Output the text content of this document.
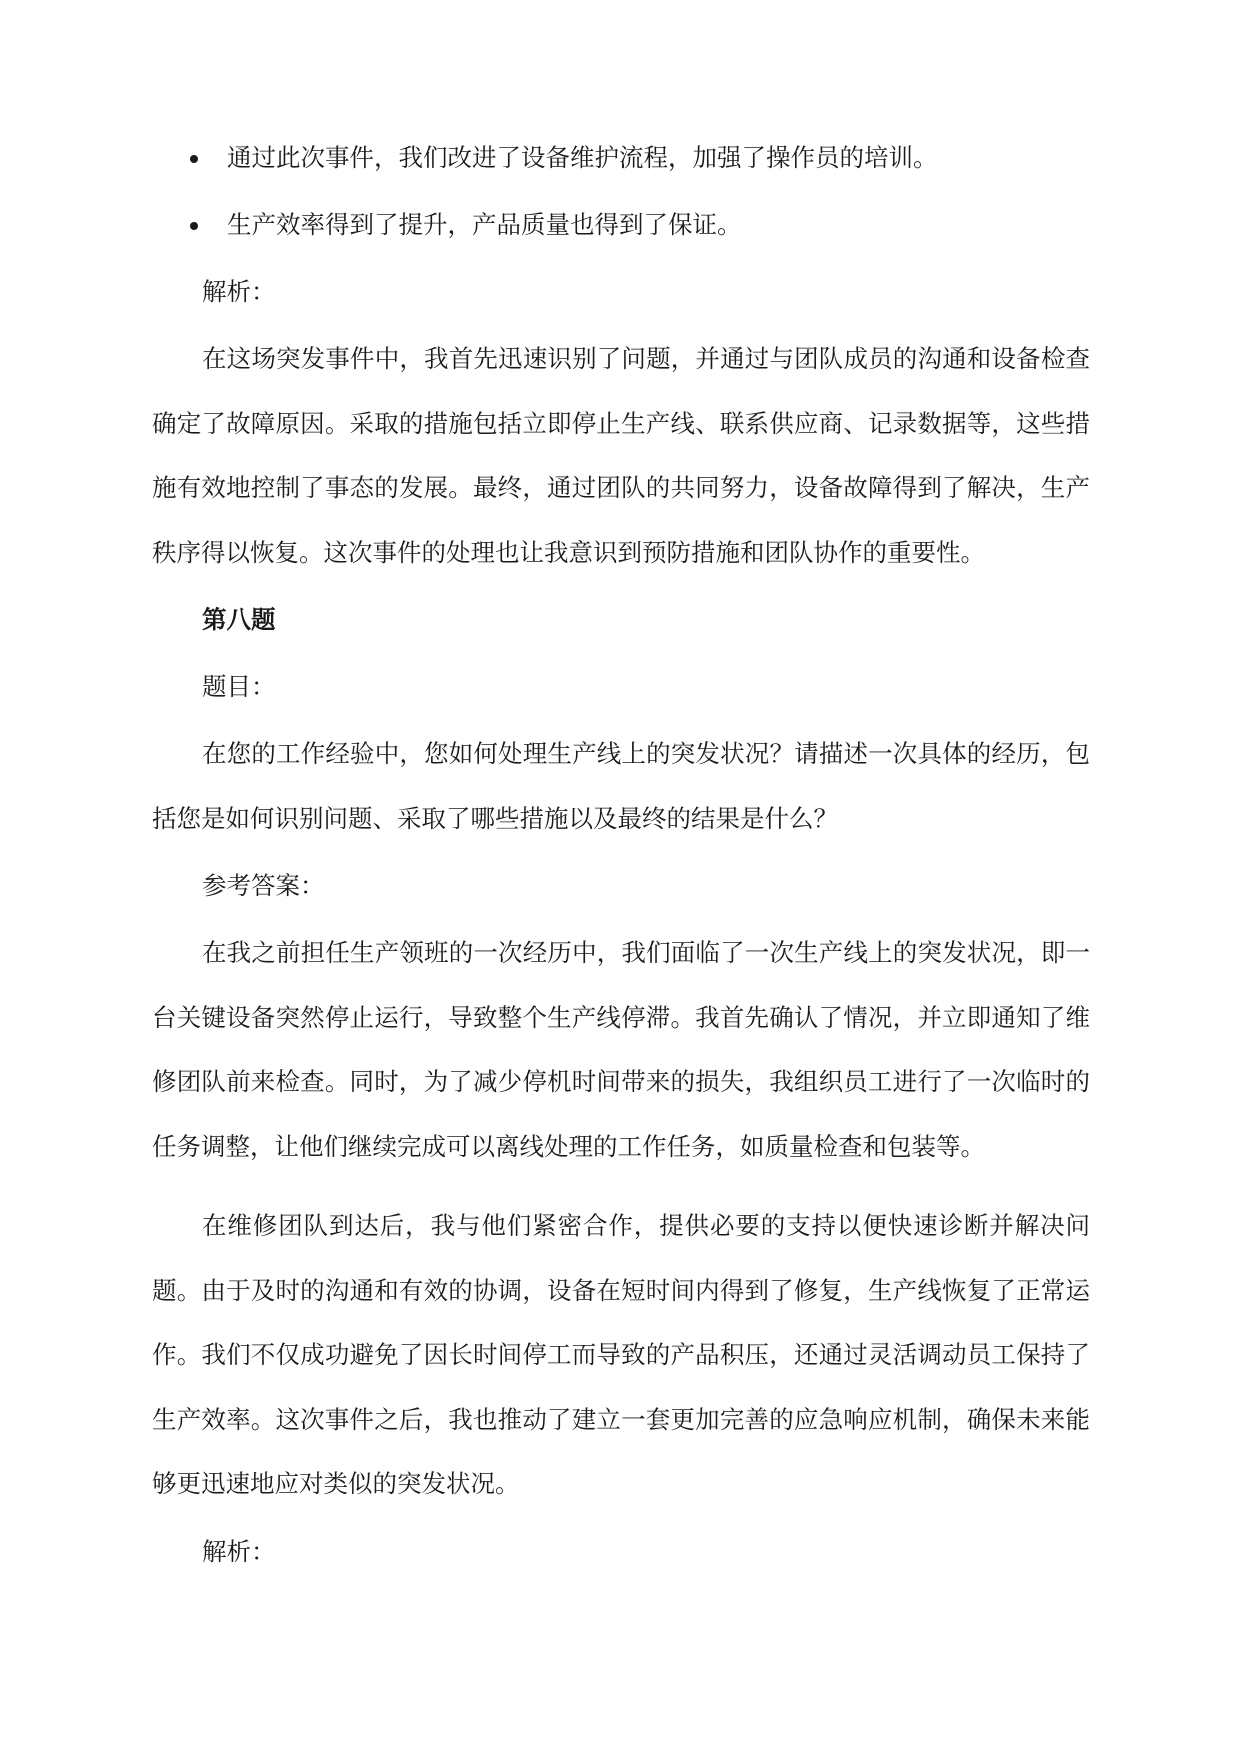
通过此次事件，我们改进了设备维护流程，加强了操作员的培训。
生产效率得到了提升，产品质量也得到了保证。

解析：

在这场突发事件中，我首先迅速识别了问题，并通过与团队成员的沟通和设备检查确定了故障原因。采取的措施包括立即停止生产线、联系供应商、记录数据等，这些措施有效地控制了事态的发展。最终，通过团队的共同努力，设备故障得到了解决，生产秩序得以恢复。这次事件的处理也让我意识到预防措施和团队协作的重要性。

第八题

题目：

在您的工作经验中，您如何处理生产线上的突发状况？请描述一次具体的经历，包括您是如何识别问题、采取了哪些措施以及最终的结果是什么？

参考答案：

在我之前担任生产领班的一次经历中，我们面临了一次生产线上的突发状况，即一台关键设备突然停止运行，导致整个生产线停滞。我首先确认了情况，并立即通知了维修团队前来检查。同时，为了减少停机时间带来的损失，我组织员工进行了一次临时的任务调整，让他们继续完成可以离线处理的工作任务，如质量检查和包装等。

在维修团队到达后，我与他们紧密合作，提供必要的支持以便快速诊断并解决问题。由于及时的沟通和有效的协调，设备在短时间内得到了修复，生产线恢复了正常运作。我们不仅成功避免了因长时间停工而导致的产品积压，还通过灵活调动员工保持了生产效率。这次事件之后，我也推动了建立一套更加完善的应急响应机制，确保未来能够更迅速地应对类似的突发状况。

解析：
